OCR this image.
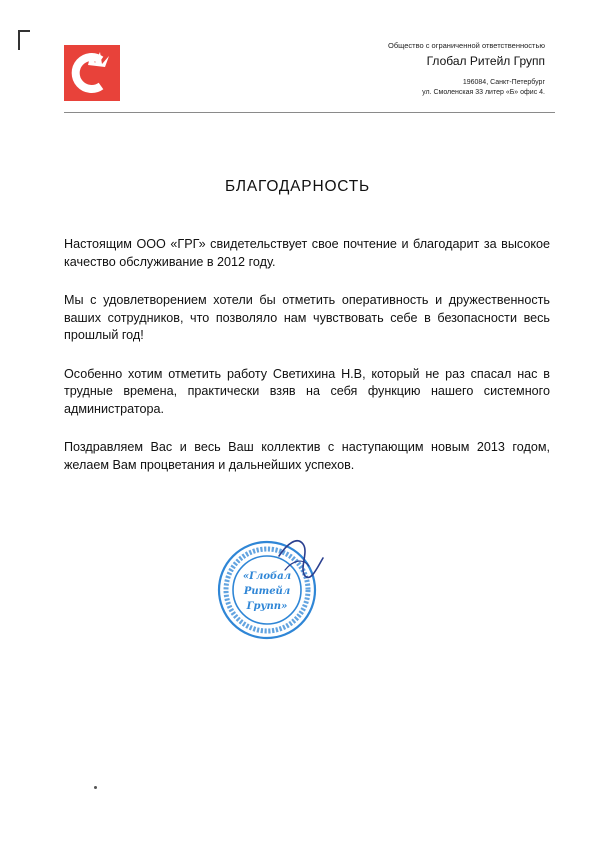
Общество с ограниченной ответственностью
Глобал Ритейл Групп
196084, Санкт-Петербург
ул. Смоленская 33 литер «Б» офис 4.
БЛАГОДАРНОСТЬ

Настоящим ООО «ГРГ» свидетельствует свое почтение и благодарит за высокое качество обслуживание в 2012 году.

Мы с удовлетворением хотели бы отметить оперативность и дружественность ваших сотрудников, что позволяло нам чувствовать себе в безопасности весь прошлый год!

Особенно хотим отметить работу Светихина Н.В, который не раз спасал нас в трудные времена, практически взяв на себя функцию нашего системного администратора.

Поздравляем Вас и весь Ваш коллектив с наступающим новым 2013 годом, желаем Вам процветания и дальнейших успехов.

«Глобал
Ритейл
Групп»
